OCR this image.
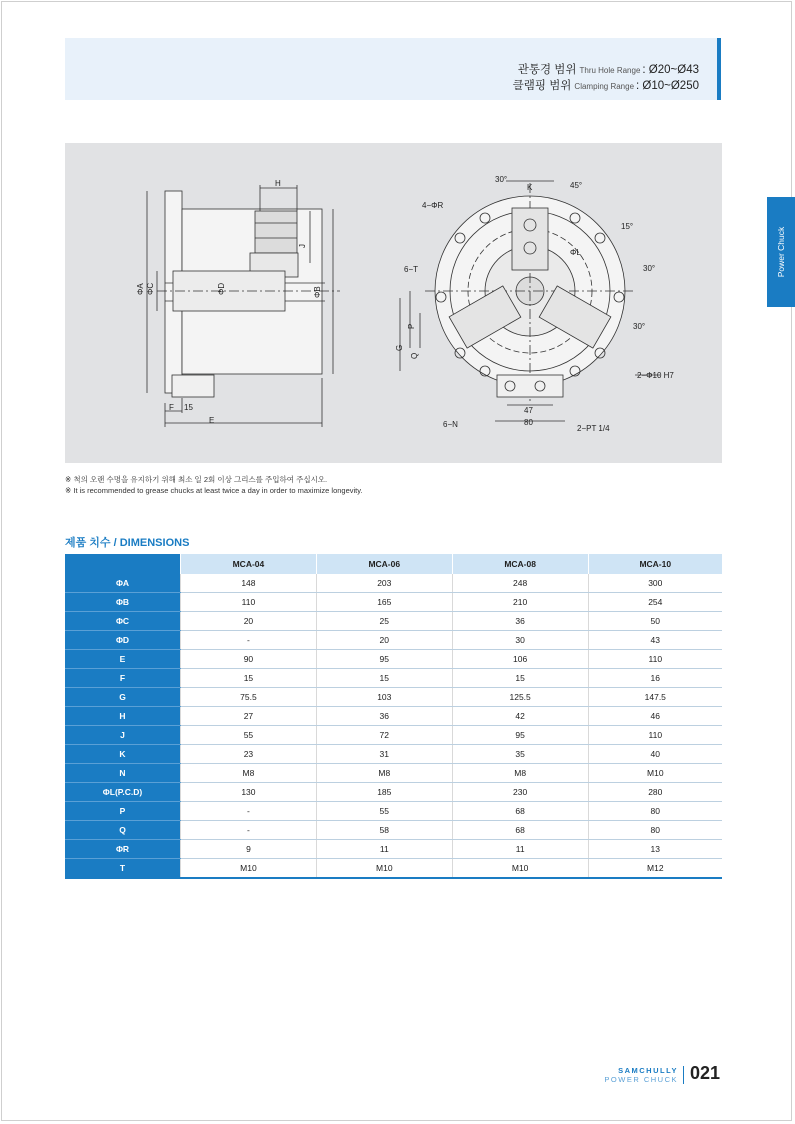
관통경 범위 Thru Hole Range : Ø20~Ø43
클램핑 범위 Clamping Range : Ø10~Ø250
Power Chuck
H
J
ΦA ΦC	ΦD	ΦB
F 15
E
30°
K	45°
4−ΦR
15°
ΦL
30°
6−T
P
G
Q
30°
2−Φ10 H7
47
80
6−N	2−PT 1/4
※ 척의 오랜 수명을 유지하기 위해 최소 일 2회 이상 그리스를 주입하여 주십시오.
※ It is recommended to grease chucks at least twice a day in order to maximize longevity.
제품 치수 / DIMENSIONS
	MCA-04	MCA-06	MCA-08	MCA-10
ΦA	148	203	248	300
ΦB	110	165	210	254
ΦC	20	25	36	50
ΦD	-	20	30	43
E	90	95	106	110
F	15	15	15	16
G	75.5	103	125.5	147.5
H	27	36	42	46
J	55	72	95	110
K	23	31	35	40
N	M8	M8	M8	M10
ΦL(P.C.D)	130	185	230	280
P	-	55	68	80
Q	-	58	68	80
ΦR	9	11	11	13
T	M10	M10	M10	M12
SAMCHULLY
POWER CHUCK 021
